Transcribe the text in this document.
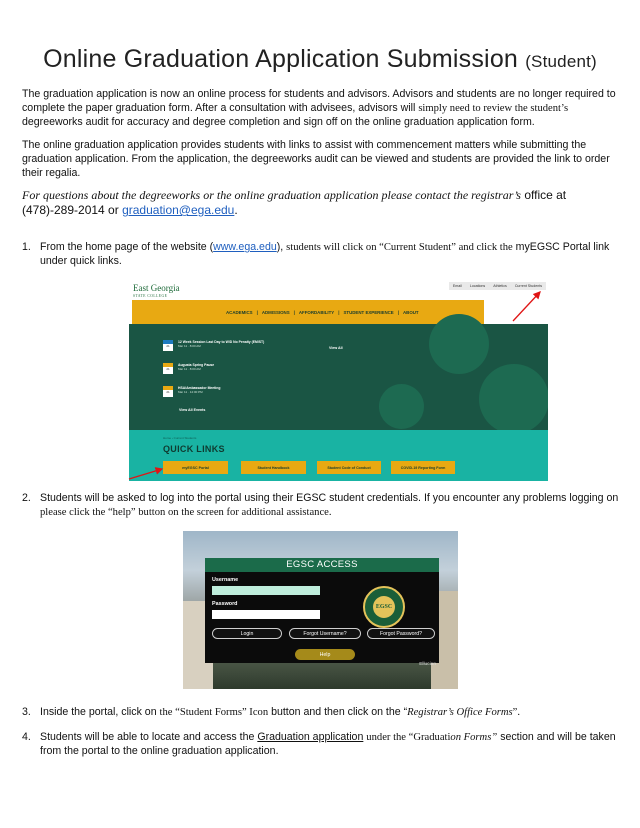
Online Graduation Application Submission (Student)

The graduation application is now an online process for students and advisors. Advisors and students are no longer required to complete the paper graduation form. After a consultation with advisees, advisors will simply need to review the student’s degreeworks audit for accuracy and degree completion and sign off on the online graduation application form.

The online graduation application provides students with links to assist with commencement matters while submitting the graduation application. From the application, the degreeworks audit can be viewed and students are provided the link to order their regalia.

For questions about the degreeworks or the online graduation application please contact the registrar’s office at (478)-289-2014 or graduation@ega.edu.

1. From the home page of the website (www.ega.edu), students will click on “Current Student” and click the myEGSC Portal link under quick links.
East Georgia
STATE COLLEGE
Email	Locations	Athletics	Current Students
ACADEMICS | ADMISSIONS | AFFORDABILITY | STUDENT EXPERIENCE | ABOUT
21
12 Week Session Last Day to W/D No Penalty (EM/ST)
Mar 11 · 8:00 AM
21
Augusta Spring Pause
Mar 11 · 8:00 AM
21
HSA/Ambassador Meeting
Mar 11 · 12:00 PM
View All
View All Events
Home › Current Students
QUICK LINKS
myEGSC Portal	Student Handbook	Student Code of Conduct	COVID-19 Reporting Form
2. Students will be asked to log into the portal using their EGSC student credentials. If you encounter any problems logging on please click the “help” button on the screen for additional assistance.
EGSC ACCESS
Username
Password	EGSC
Login	Forgot Username?	Forgot Password?
Help
Ellucian
3. Inside the portal, click on the “Student Forms” Icon button and then click on the “Registrar’s Office Forms”.
4. Students will be able to locate and access the Graduation application under the “Graduation Forms” section and will be taken from the portal to the online graduation application.
